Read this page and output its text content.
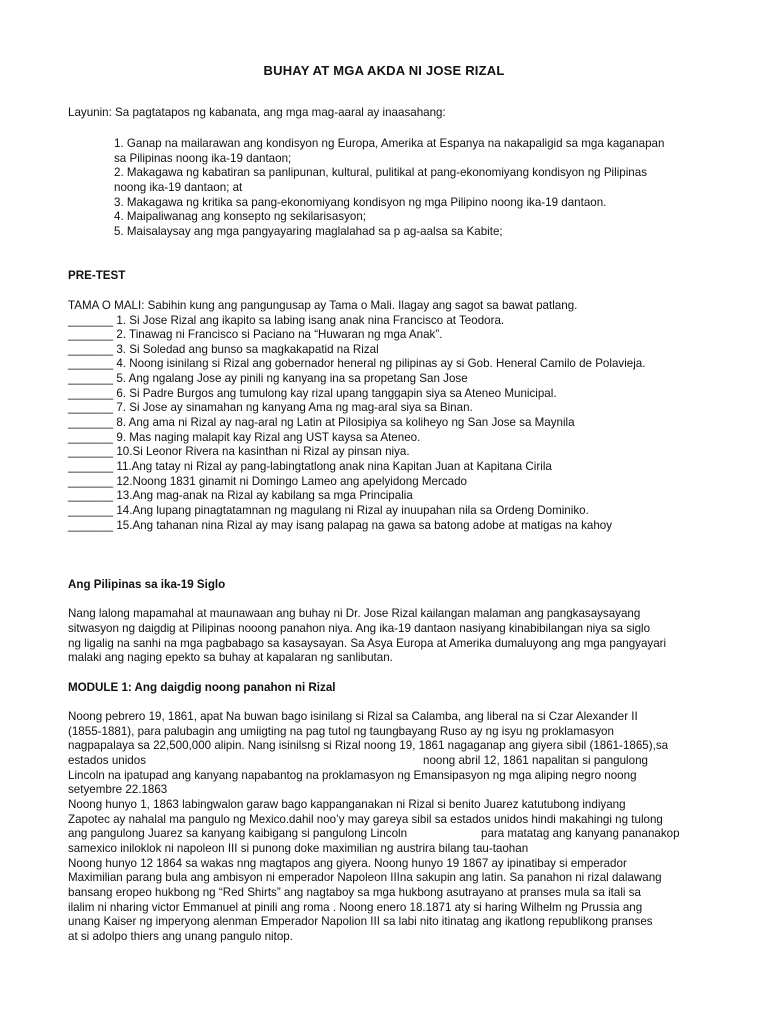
BUHAY AT MGA AKDA NI JOSE RIZAL
Layunin: Sa pagtatapos ng kabanata, ang mga mag-aaral ay inaasahang:
1. Ganap na mailarawan ang kondisyon ng Europa, Amerika at Espanya na nakapaligid sa mga kaganapan
sa Pilipinas noong ika-19 dantaon;
2. Makagawa ng kabatiran sa panlipunan, kultural, pulitikal at pang-ekonomiyang kondisyon ng Pilipinas
noong ika-19 dantaon; at
3. Makagawa ng kritika sa pang-ekonomiyang kondisyon ng mga Pilipino noong ika-19 dantaon.
4. Maipaliwanag ang konsepto ng sekilarisasyon;
5. Maisalaysay ang mga pangyayaring maglalahad sa p ag-aalsa sa Kabite;
PRE-TEST
TAMA O MALI: Sabihin kung ang pangungusap ay Tama o Mali. Ilagay ang sagot sa bawat patlang.
_______ 1. Si Jose Rizal ang ikapito sa labing isang anak nina Francisco at Teodora.
_______ 2. Tinawag ni Francisco si Paciano na “Huwaran ng mga Anak”.
_______ 3. Si Soledad ang bunso sa magkakapatid na Rizal
_______ 4. Noong isinilang si Rizal ang gobernador heneral ng pilipinas ay si Gob. Heneral Camilo de Polavieja.
_______ 5. Ang ngalang Jose ay pinili ng kanyang ina sa propetang San Jose
_______ 6. Si Padre Burgos ang tumulong kay rizal upang tanggapin siya sa Ateneo Municipal.
_______ 7. Si Jose ay sinamahan ng kanyang Ama ng mag-aral siya sa Binan.
_______ 8. Ang ama ni Rizal ay nag-aral ng Latin at Pilosipiya sa koliheyo ng San Jose sa Maynila
_______ 9. Mas naging malapit kay Rizal ang UST kaysa sa Ateneo.
_______ 10.Si Leonor Rivera na kasinthan ni Rizal ay pinsan niya.
_______ 11.Ang tatay ni Rizal ay pang-labingtatlong anak nina Kapitan Juan at Kapitana Cirila
_______ 12.Noong 1831 ginamit ni Domingo Lameo ang apelyidong Mercado
_______ 13.Ang mag-anak na Rizal ay kabilang sa mga Principalia
_______ 14.Ang lupang pinagtatamnan ng magulang ni Rizal ay inuupahan nila sa Ordeng Dominiko.
_______ 15.Ang tahanan nina Rizal ay may isang palapag na gawa sa batong adobe at matigas na kahoy
Ang Pilipinas sa ika-19 Siglo
Nang lalong mapamahal at maunawaan ang buhay ni Dr. Jose Rizal kailangan malaman ang pangkasaysayang
sitwasyon ng daigdig at Pilipinas nooong panahon niya. Ang ika-19 dantaon nasiyang kinabibilangan niya sa siglo
ng ligalig na sanhi na mga pagbabago sa kasaysayan. Sa Asya Europa at Amerika dumaluyong ang mga pangyayari
malaki ang naging epekto sa buhay at kapalaran ng sanlibutan.
MODULE 1: Ang daigdig noong panahon ni Rizal
Noong pebrero 19, 1861, apat Na buwan bago isinilang si Rizal sa Calamba, ang liberal na si Czar Alexander II
(1855-1881), para palubagin ang umiigting na pag tutol ng taungbayang Ruso ay ng isyu ng proklamasyon
nagpapalaya sa 22,500,000 alipin. Nang isinilsng si Rizal noong 19, 1861 nagaganap ang giyera sibil (1861-1865),sa
estados unidos	noong abril 12, 1861 napalitan si pangulong
Lincoln na ipatupad ang kanyang napabantog na proklamasyon ng Emansipasyon ng mga aliping negro noong
setyembre 22.1863
Noong hunyo 1, 1863 labingwalon garaw bago kappanganakan ni Rizal si benito Juarez katutubong indiyang
Zapotec ay nahalal ma pangulo ng Mexico.dahil noo’y may gareya sibil sa estados unidos hindi makahingi ng tulong
ang pangulong Juarez sa kanyang kaibigang si pangulong Lincoln	para matatag ang kanyang pananakop
samexico iniloklok ni napoleon III si punong doke maximilian ng austrira bilang tau-taohan
Noong hunyo 12 1864 sa wakas nng magtapos ang giyera. Noong hunyo 19 1867 ay ipinatibay si emperador
Maximilian parang bula ang ambisyon ni emperador Napoleon IIIna sakupin ang latin. Sa panahon ni rizal dalawang
bansang eropeo hukbong ng “Red Shirts” ang nagtaboy sa mga hukbong asutrayano at pranses mula sa itali sa
ilalim ni nharing victor Emmanuel at pinili ang roma . Noong enero 18.1871 aty si haring Wilhelm ng Prussia ang
unang Kaiser ng imperyong alenman Emperador Napolion III sa labi nito itinatag ang ikatlong republikong pranses
at si adolpo thiers ang unang pangulo nitop.
